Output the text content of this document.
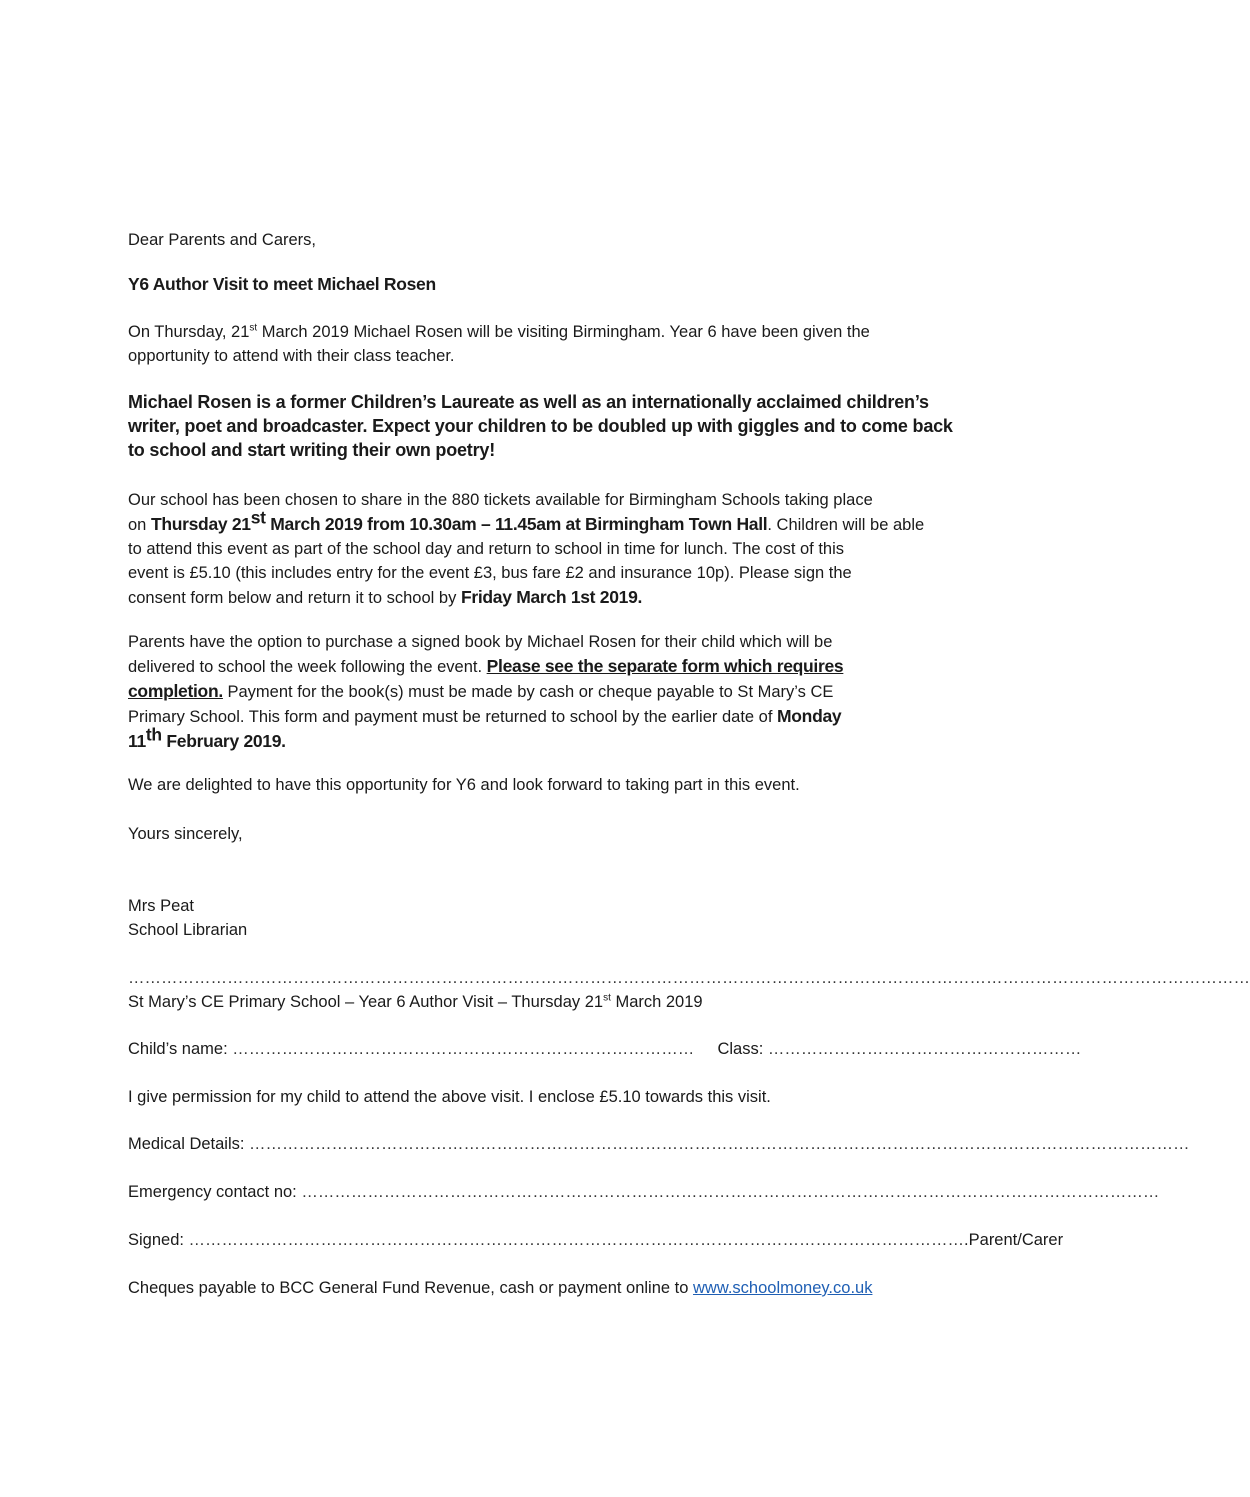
Dear Parents and Carers,
Y6 Author Visit to meet Michael Rosen
On Thursday, 21st March 2019 Michael Rosen will be visiting Birmingham. Year 6 have been given the
opportunity to attend with their class teacher.
Michael Rosen is a former Children’s Laureate as well as an internationally acclaimed children’s
writer, poet and broadcaster. Expect your children to be doubled up with giggles and to come back
to school and start writing their own poetry!
Our school has been chosen to share in the 880 tickets available for Birmingham Schools taking place
on Thursday 21st March 2019 from 10.30am – 11.45am at Birmingham Town Hall. Children will be able
to attend this event as part of the school day and return to school in time for lunch. The cost of this
event is £5.10 (this includes entry for the event £3, bus fare £2 and insurance 10p). Please sign the
consent form below and return it to school by Friday March 1st 2019.
Parents have the option to purchase a signed book by Michael Rosen for their child which will be
delivered to school the week following the event. Please see the separate form which requires
completion. Payment for the book(s) must be made by cash or cheque payable to St Mary’s CE
Primary School. This form and payment must be returned to school by the earlier date of Monday
11th February 2019.
We are delighted to have this opportunity for Y6 and look forward to taking part in this event.
Yours sincerely,
Mrs Peat
School Librarian
……………………………………………………………………………………………………………………………………………………………………………………
St Mary’s CE Primary School – Year 6 Author Visit – Thursday 21st March 2019
Child’s name: ………………………………………………………………………… Class: …………………………………………………
I give permission for my child to attend the above visit. I enclose £5.10 towards this visit.
Medical Details: ………………………………………………………………………………………………………………………………………………………
Emergency contact no: …………………………………………………………………………………………………………………………………………
Signed: …………………………………………………………………………………………………………………………….Parent/Carer
Cheques payable to BCC General Fund Revenue, cash or payment online to www.schoolmoney.co.uk
